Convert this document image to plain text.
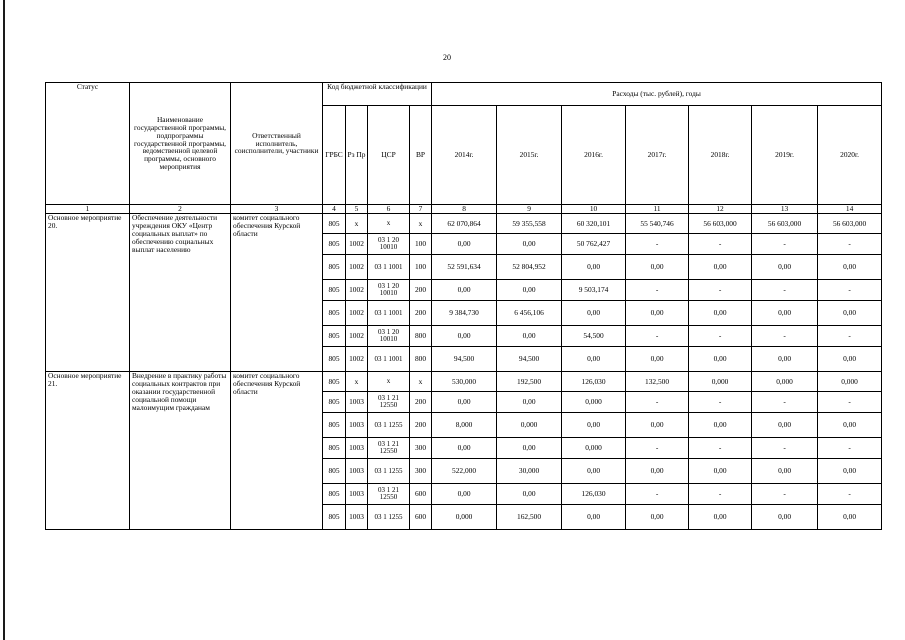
20
Статус	Наименование государственной программы, подпрограммы государственной программы, ведомственной целевой программы, основного мероприятия	Ответственный исполнитель, соисполнители, участники	Код бюджетной классификации				Расходы (тыс. рублей), годы						
			ГРБС	Рз Пр	ЦСР	ВР	2014г.	2015г.	2016г.	2017г.	2018г.	2019г.	2020г.
1	2	3	4	5	6	7	8	9	10	11	12	13	14
Основное мероприятие 20.	Обеспечение деятельности учреждения ОКУ «Центр социальных выплат» по обеспечению социальных выплат населению	комитет социального обеспечения Курской области	805	х	х	х	62 070,864	59 355,558	60 320,101	55 540,746	56 603,000	56 603,000	56 603,000
			805	1002	03 1 20 10010	100	0,00	0,00	50 762,427	-	-	-	-
			805	1002	03 1 1001	100	52 591,634	52 804,952	0,00	0,00	0,00	0,00	0,00
			805	1002	03 1 20 10010	200	0,00	0,00	9 503,174	-	-	-	-
			805	1002	03 1 1001	200	9 384,730	6 456,106	0,00	0,00	0,00	0,00	0,00
			805	1002	03 1 20 10010	800	0,00	0,00	54,500	-	-	-	-
			805	1002	03 1 1001	800	94,500	94,500	0,00	0,00	0,00	0,00	0,00
Основное мероприятие 21.	Внедрение в практику работы социальных контрактов при оказании государственной социальной помощи малоимущим гражданам	комитет социального обеспечения Курской области	805	х	х	х	530,000	192,500	126,030	132,500	0,000	0,000	0,000
			805	1003	03 1 21 12550	200	0,00	0,00	0,000	-	-	-	-
			805	1003	03 1 1255	200	8,000	0,000	0,00	0,00	0,00	0,00	0,00
			805	1003	03 1 21 12550	300	0,00	0,00	0,000	-	-	-	-
			805	1003	03 1 1255	300	522,000	30,000	0,00	0,00	0,00	0,00	0,00
			805	1003	03 1 21 12550	600	0,00	0,00	126,030	-	-	-	-
			805	1003	03 1 1255	600	0,000	162,500	0,00	0,00	0,00	0,00	0,00
